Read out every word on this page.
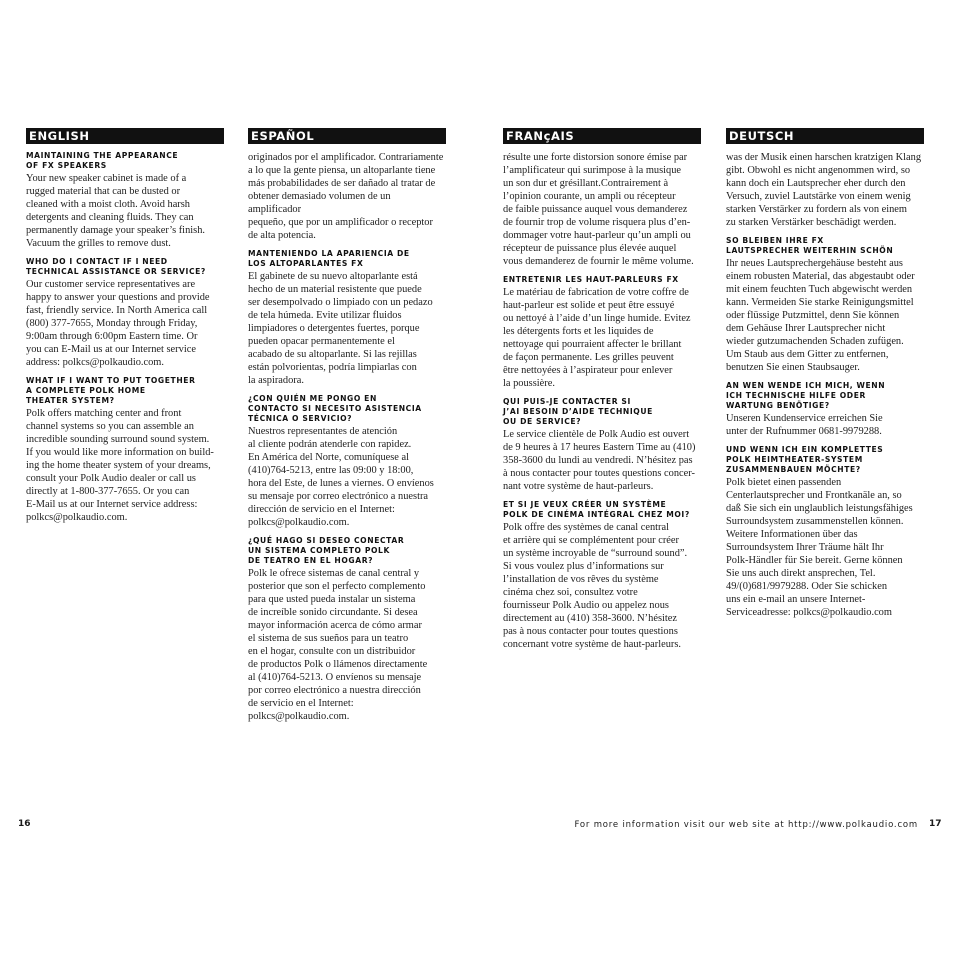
ENGLISH
MAINTAINING THE APPEARANCE
OF FX SPEAKERS
Your new speaker cabinet is made of a
rugged material that can be dusted or
cleaned with a moist cloth. Avoid harsh
detergents and cleaning fluids. They can
permanently damage your speaker’s finish.
Vacuum the grilles to remove dust.
WHO DO I CONTACT IF I NEED
TECHNICAL ASSISTANCE OR SERVICE?
Our customer service representatives are
happy to answer your questions and provide
fast, friendly service. In North America call
(800) 377-7655, Monday through Friday,
9:00am through 6:00pm Eastern time. Or
you can E-Mail us at our Internet service
address: polkcs@polkaudio.com.
WHAT IF I WANT TO PUT TOGETHER
A COMPLETE POLK HOME
THEATER SYSTEM?
Polk offers matching center and front
channel systems so you can assemble an
incredible sounding surround sound system.
If you would like more information on build-
ing the home theater system of your dreams,
consult your Polk Audio dealer or call us
directly at 1-800-377-7655. Or you can
E-Mail us at our Internet service address:
polkcs@polkaudio.com.
ESPAÑOL
originados por el amplificador. Contrariamente
a lo que la gente piensa, un altoparlante tiene
más probabilidades de ser dañado al tratar de
obtener demasiado volumen de un amplificador
pequeño, que por un amplificador o receptor
de alta potencia.
MANTENIENDO LA APARIENCIA DE
LOS ALTOPARLANTES FX
El gabinete de su nuevo altoparlante está
hecho de un material resistente que puede
ser desempolvado o limpiado con un pedazo
de tela húmeda. Evite utilizar fluidos
limpiadores o detergentes fuertes, porque
pueden opacar permanentemente el
acabado de su altoparlante. Si las rejillas
están polvorientas, podría limpiarlas con
la aspiradora.
¿CON QUIÉN ME PONGO EN
CONTACTO SI NECESITO ASISTENCIA
TÉCNICA O SERVICIO?
Nuestros representantes de atención
al cliente podrán atenderle con rapidez.
En América del Norte, comuníquese al
(410)764-5213, entre las 09:00 y 18:00,
hora del Este, de lunes a viernes. O envíenos
su mensaje por correo electrónico a nuestra
dirección de servicio en el Internet:
polkcs@polkaudio.com.
¿QUÉ HAGO SI DESEO CONECTAR
UN SISTEMA COMPLETO POLK
DE TEATRO EN EL HOGAR?
Polk le ofrece sistemas de canal central y
posterior que son el perfecto complemento
para que usted pueda instalar un sistema
de increíble sonido circundante. Si desea
mayor información acerca de cómo armar
el sistema de sus sueños para un teatro
en el hogar, consulte con un distribuidor
de productos Polk o llámenos directamente
al (410)764-5213. O envíenos su mensaje
por correo electrónico a nuestra dirección
de servicio en el Internet:
polkcs@polkaudio.com.
FRANçAIS
résulte une forte distorsion sonore émise par
l’amplificateur qui surimpose à la musique
un son dur et grésillant.Contrairement à
l’opinion courante, un ampli ou récepteur
de faible puissance auquel vous demanderez
de fournir trop de volume risquera plus d’en-
dommager votre haut-parleur qu’un ampli ou
récepteur de puissance plus élevée auquel
vous demanderez de fournir le même volume.
ENTRETENIR LES HAUT-PARLEURS FX
Le matériau de fabrication de votre coffre de
haut-parleur est solide et peut être essuyé
ou nettoyé à l’aide d’un linge humide. Evitez
les détergents forts et les liquides de
nettoyage qui pourraient affecter le brillant
de façon permanente. Les grilles peuvent
être nettoyées à l’aspirateur pour enlever
la poussière.
QUI PUIS-JE CONTACTER SI
J’AI BESOIN D’AIDE TECHNIQUE
OU DE SERVICE?
Le service clientèle de Polk Audio est ouvert
de 9 heures à 17 heures Eastern Time au (410)
358-3600 du lundi au vendredi. N’hésitez pas
à nous contacter pour toutes questions concer-
nant votre système de haut-parleurs.
ET SI JE VEUX CRÉER UN SYSTÈME
POLK DE CINÉMA INTÉGRAL CHEZ MOI?
Polk offre des systèmes de canal central
et arrière qui se complémentent pour créer
un système incroyable de “surround sound”.
Si vous voulez plus d’informations sur
l’installation de vos rêves du système
cinéma chez soi, consultez votre
fournisseur Polk Audio ou appelez nous
directement au (410) 358-3600. N’hésitez
pas à nous contacter pour toutes questions
concernant votre système de haut-parleurs.
DEUTSCH
was der Musik einen harschen kratzigen Klang
gibt. Obwohl es nicht angenommen wird, so
kann doch ein Lautsprecher eher durch den
Versuch, zuviel Lautstärke von einem wenig
starken Verstärker zu fordern als von einem
zu starken Verstärker beschädigt werden.
SO BLEIBEN IHRE FX
LAUTSPRECHER WEITERHIN SCHÖN
Ihr neues Lautsprechergehäuse besteht aus
einem robusten Material, das abgestaubt oder
mit einem feuchten Tuch abgewischt werden
kann. Vermeiden Sie starke Reinigungsmittel
oder flüssige Putzmittel, denn Sie können
dem Gehäuse Ihrer Lautsprecher nicht
wieder gutzumachenden Schaden zufügen.
Um Staub aus dem Gitter zu entfernen,
benutzen Sie einen Staubsauger.
AN WEN WENDE ICH MICH, WENN
ICH TECHNISCHE HILFE ODER
WARTUNG BENÖTIGE?
Unseren Kundenservice erreichen Sie
unter der Rufnummer 0681-9979288.
UND WENN ICH EIN KOMPLETTES
POLK HEIMTHEATER-SYSTEM
ZUSAMMENBAUEN MÖCHTE?
Polk bietet einen passenden
Centerlautsprecher und Frontkanäle an, so
daß Sie sich ein unglaublich leistungsfähiges
Surroundsystem zusammenstellen können.
Weitere Informationen über das
Surroundsystem Ihrer Träume hält Ihr
Polk-Händler für Sie bereit. Gerne können
Sie uns auch direkt ansprechen, Tel.
49/(0)681/9979288. Oder Sie schicken
uns ein e-mail an unsere Internet-
Serviceadresse: polkcs@polkaudio.com
16	For more information visit our web site at http://www.polkaudio.com 17
